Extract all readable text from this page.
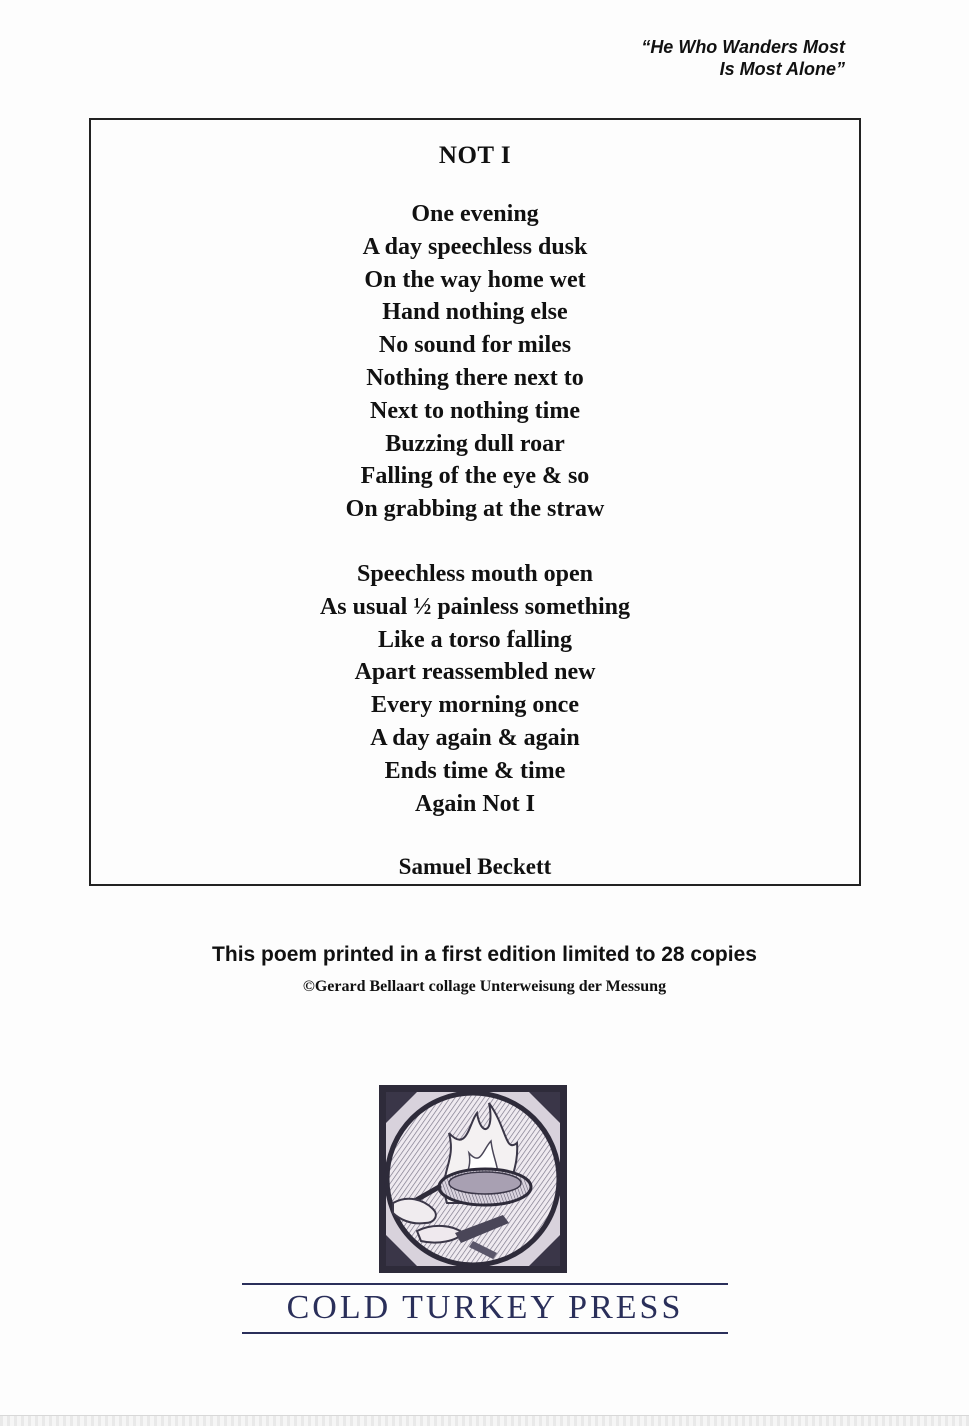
“He Who Wanders Most
Is Most Alone”
NOT I
One evening
A day speechless dusk
On the way home wet
Hand nothing else
No sound for miles
Nothing there next to
Next to nothing time
Buzzing dull roar
Falling of the eye & so
On grabbing at the straw
Speechless mouth open
As usual ½ painless something
Like a torso falling
Apart reassembled new
Every morning once
A day again & again
Ends time & time
Again Not I
Samuel Beckett
This poem printed in a first edition limited to 28 copies
©Gerard Bellaart collage Unterweisung der Messung
COLD TURKEY PRESS
